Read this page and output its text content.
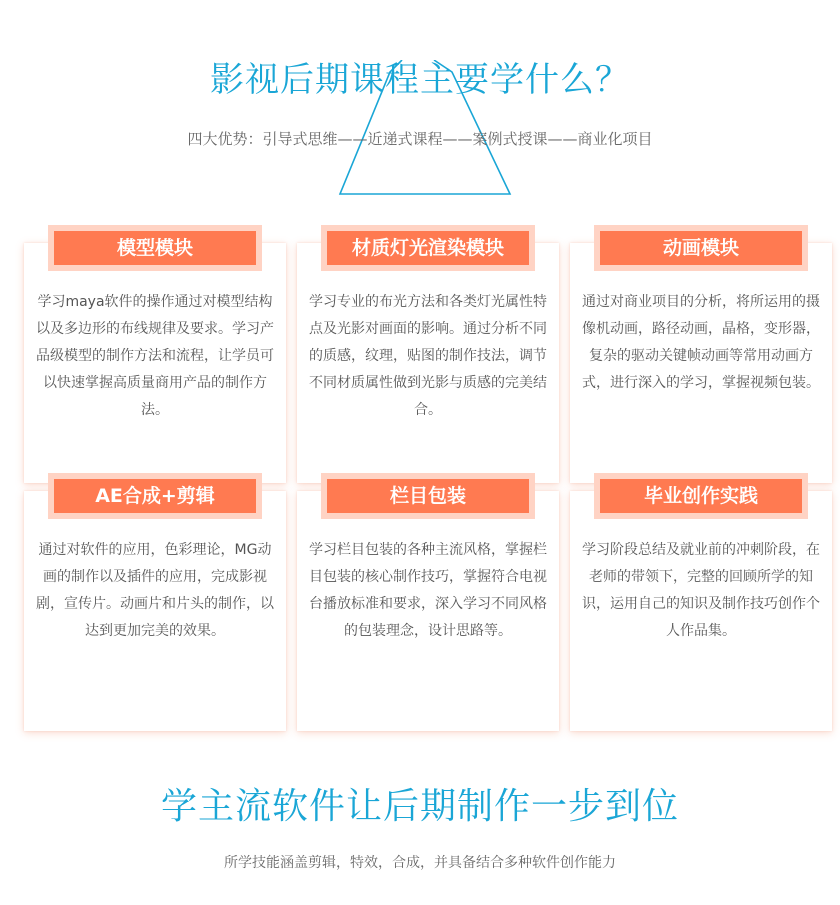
影视后期课程主要学什么？

四大优势：引导式思维——近递式课程——案例式授课——商业化项目

模型模块

学习maya软件的操作通过对模型结构以及多边形的布线规律及要求。学习产品级模型的制作方法和流程，让学员可以快速掌握高质量商用产品的制作方法。

材质灯光渲染模块

学习专业的布光方法和各类灯光属性特点及光影对画面的影响。通过分析不同的质感，纹理，贴图的制作技法，调节不同材质属性做到光影与质感的完美结合。

动画模块

通过对商业项目的分析，将所运用的摄像机动画，路径动画，晶格，变形器，复杂的驱动关键帧动画等常用动画方式，进行深入的学习，掌握视频包装。

AE合成+剪辑

通过对软件的应用，色彩理论，MG动画的制作以及插件的应用，完成影视剧，宣传片。动画片和片头的制作，以达到更加完美的效果。

栏目包装

学习栏目包装的各种主流风格，掌握栏目包装的核心制作技巧，掌握符合电视台播放标准和要求，深入学习不同风格的包装理念，设计思路等。

毕业创作实践

学习阶段总结及就业前的冲刺阶段，在老师的带领下，完整的回顾所学的知识，运用自己的知识及制作技巧创作个人作品集。

学主流软件让后期制作一步到位

所学技能涵盖剪辑，特效，合成，并具备结合多种软件创作能力
